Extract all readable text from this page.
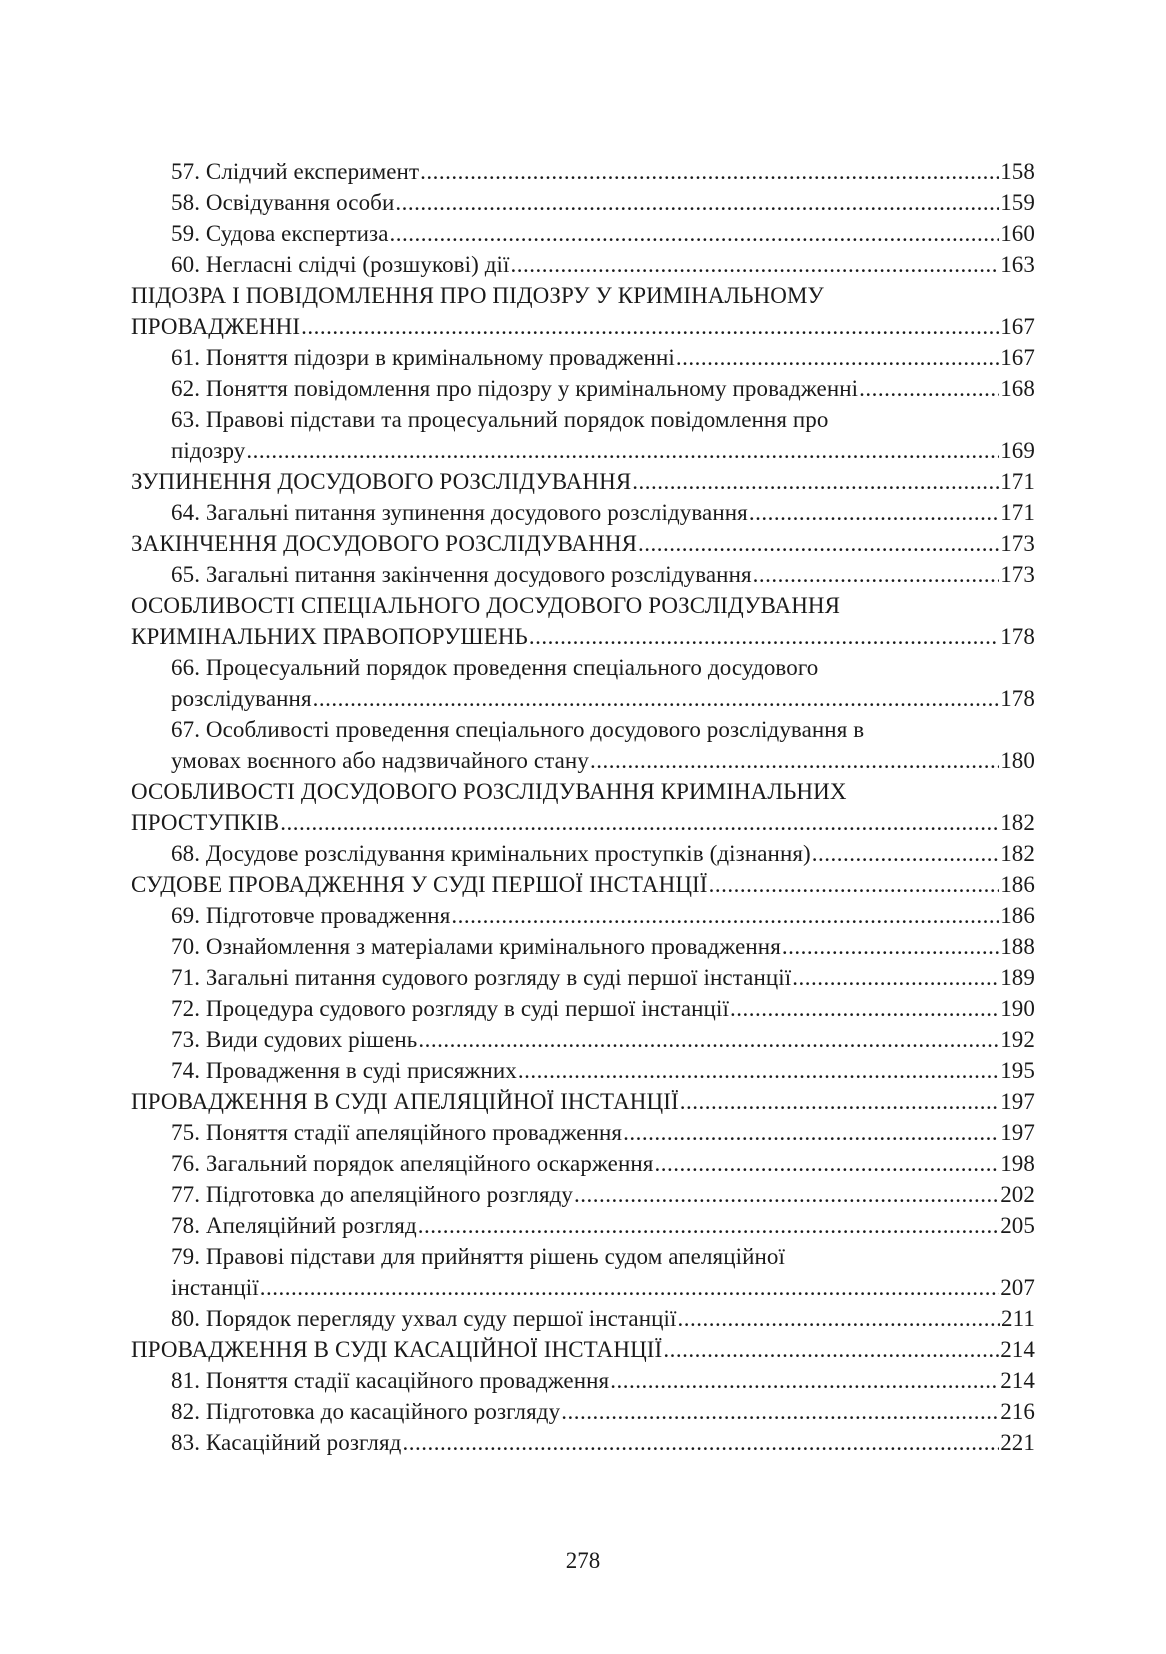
57. Слідчий експеримент .....	158
58. Освідування особи .....	159
59. Судова експертиза .....	160
60. Негласні слідчі (розшукові) дії .....	163
ПІДОЗРА І ПОВІДОМЛЕННЯ ПРО ПІДОЗРУ У КРИМІНАЛЬНОМУ
ПРОВАДЖЕННІ .....	167
61. Поняття підозри в кримінальному провадженні .....	167
62. Поняття повідомлення про підозру у кримінальному провадженні .....	168
63. Правові підстави та процесуальний порядок повідомлення про
підозру .....	169
ЗУПИНЕННЯ ДОСУДОВОГО РОЗСЛІДУВАННЯ .....	171
64. Загальні питання зупинення досудового розслідування .....	171
ЗАКІНЧЕННЯ ДОСУДОВОГО РОЗСЛІДУВАННЯ .....	173
65. Загальні питання закінчення досудового розслідування .....	173
ОСОБЛИВОСТІ СПЕЦІАЛЬНОГО ДОСУДОВОГО РОЗСЛІДУВАННЯ
КРИМІНАЛЬНИХ ПРАВОПОРУШЕНЬ .....	178
66. Процесуальний порядок проведення спеціального досудового
розслідування .....	178
67. Особливості проведення спеціального досудового розслідування в
умовах воєнного або надзвичайного стану .....	180
ОСОБЛИВОСТІ ДОСУДОВОГО РОЗСЛІДУВАННЯ КРИМІНАЛЬНИХ
ПРОСТУПКІВ .....	182
68. Досудове розслідування кримінальних проступків (дізнання) .....	182
СУДОВЕ ПРОВАДЖЕННЯ У СУДІ ПЕРШОЇ ІНСТАНЦІЇ .....	186
69. Підготовче провадження .....	186
70. Ознайомлення з матеріалами кримінального провадження .....	188
71. Загальні питання судового розгляду в суді першої інстанції .....	189
72. Процедура судового розгляду в суді першої інстанції .....	190
73. Види судових рішень .....	192
74. Провадження в суді присяжних .....	195
ПРОВАДЖЕННЯ В СУДІ АПЕЛЯЦІЙНОЇ ІНСТАНЦІЇ .....	197
75. Поняття стадії апеляційного провадження .....	197
76. Загальний порядок апеляційного оскарження .....	198
77. Підготовка до апеляційного розгляду .....	202
78. Апеляційний розгляд .....	205
79. Правові підстави для прийняття рішень судом апеляційної
інстанції .....	207
80. Порядок перегляду ухвал суду першої інстанції .....	211
ПРОВАДЖЕННЯ В СУДІ КАСАЦІЙНОЇ ІНСТАНЦІЇ .....	214
81. Поняття стадії касаційного провадження .....	214
82. Підготовка до касаційного розгляду .....	216
83. Касаційний розгляд .....	221
278
